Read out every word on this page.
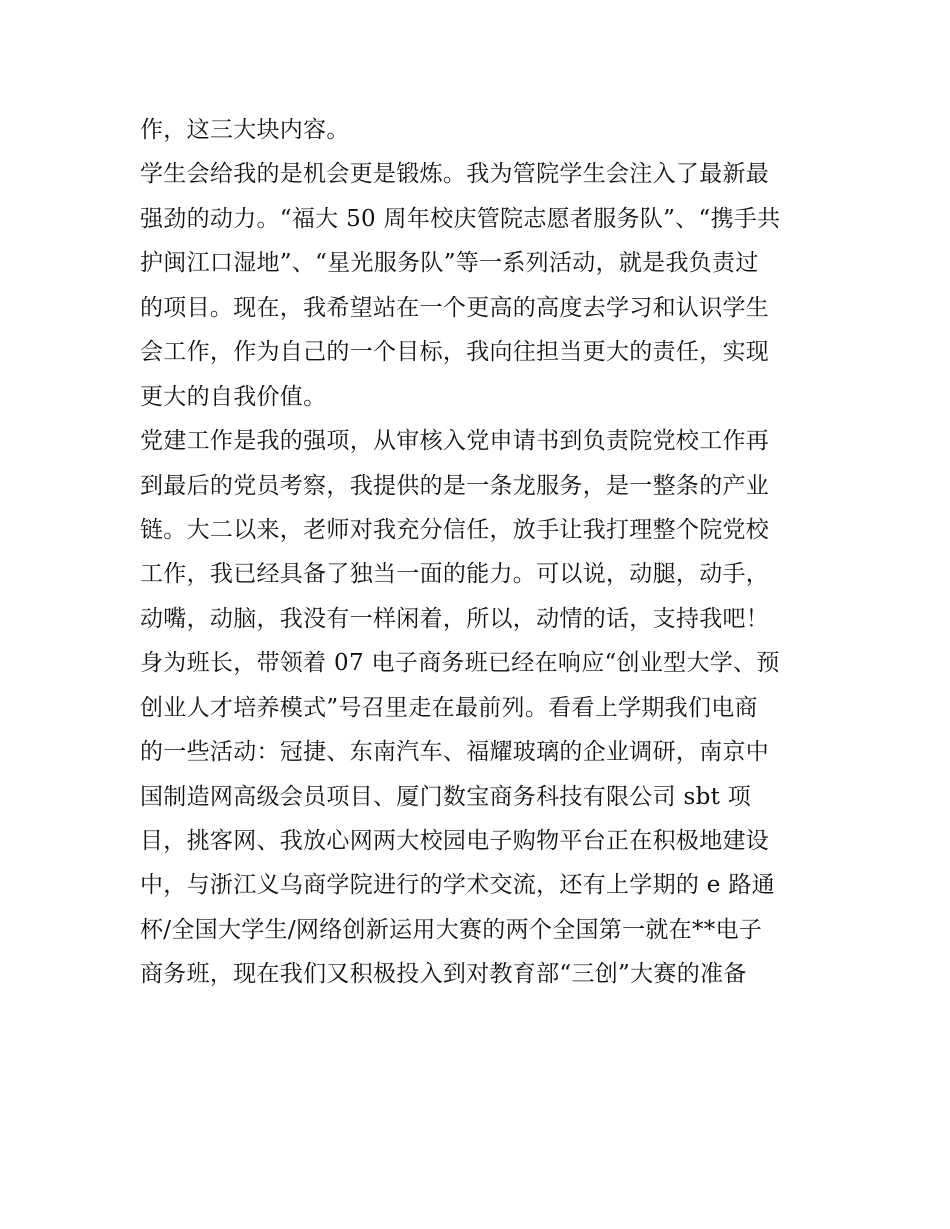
作，这三大块内容。
学生会给我的是机会更是锻炼。我为管院学生会注入了最新最
强劲的动力。“福大 50 周年校庆管院志愿者服务队”、“携手共
护闽江口湿地”、“星光服务队”等一系列活动，就是我负责过
的项目。现在，我希望站在一个更高的高度去学习和认识学生
会工作，作为自己的一个目标，我向往担当更大的责任，实现
更大的自我价值。
党建工作是我的强项，从审核入党申请书到负责院党校工作再
到最后的党员考察，我提供的是一条龙服务，是一整条的产业
链。大二以来，老师对我充分信任，放手让我打理整个院党校
工作，我已经具备了独当一面的能力。可以说，动腿，动手，
动嘴，动脑，我没有一样闲着，所以，动情的话，支持我吧！
身为班长，带领着 07 电子商务班已经在响应“创业型大学、预
创业人才培养模式”号召里走在最前列。看看上学期我们电商
的一些活动：冠捷、东南汽车、福耀玻璃的企业调研，南京中
国制造网高级会员项目、厦门数宝商务科技有限公司 sbt 项
目，挑客网、我放心网两大校园电子购物平台正在积极地建设
中，与浙江义乌商学院进行的学术交流，还有上学期的 e 路通
杯/全国大学生/网络创新运用大赛的两个全国第一就在**电子
商务班，现在我们又积极投入到对教育部“三创”大赛的准备
